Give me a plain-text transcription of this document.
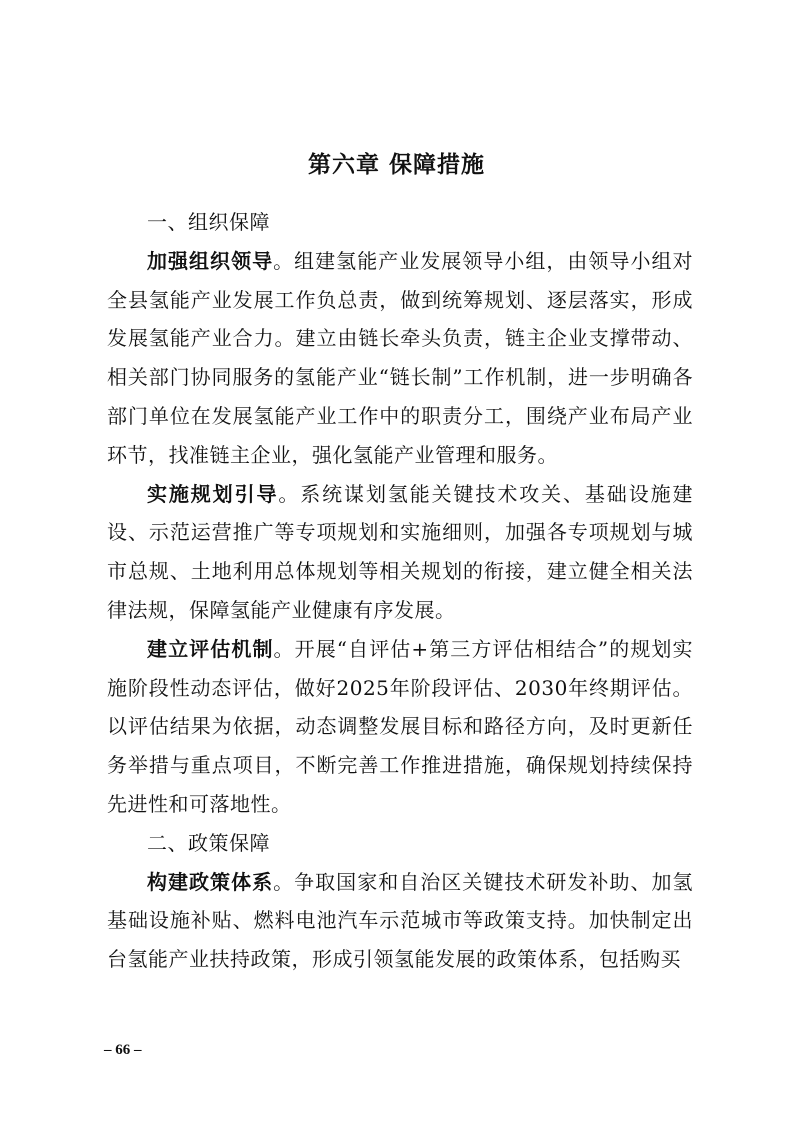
第六章 保障措施

一、组织保障

加强组织领导。组建氢能产业发展领导小组，由领导小组对全县氢能产业发展工作负总责，做到统筹规划、逐层落实，形成发展氢能产业合力。建立由链长牵头负责，链主企业支撑带动、相关部门协同服务的氢能产业“链长制”工作机制，进一步明确各部门单位在发展氢能产业工作中的职责分工，围绕产业布局产业环节，找准链主企业，强化氢能产业管理和服务。

实施规划引导。系统谋划氢能关键技术攻关、基础设施建设、示范运营推广等专项规划和实施细则，加强各专项规划与城市总规、土地利用总体规划等相关规划的衔接，建立健全相关法律法规，保障氢能产业健康有序发展。

建立评估机制。开展“自评估+第三方评估相结合”的规划实施阶段性动态评估，做好2025年阶段评估、2030年终期评估。以评估结果为依据，动态调整发展目标和路径方向，及时更新任务举措与重点项目，不断完善工作推进措施，确保规划持续保持先进性和可落地性。

二、政策保障

构建政策体系。争取国家和自治区关键技术研发补助、加氢基础设施补贴、燃料电池汽车示范城市等政策支持。加快制定出台氢能产业扶持政策，形成引领氢能发展的政策体系，包括购买

– 66 –
